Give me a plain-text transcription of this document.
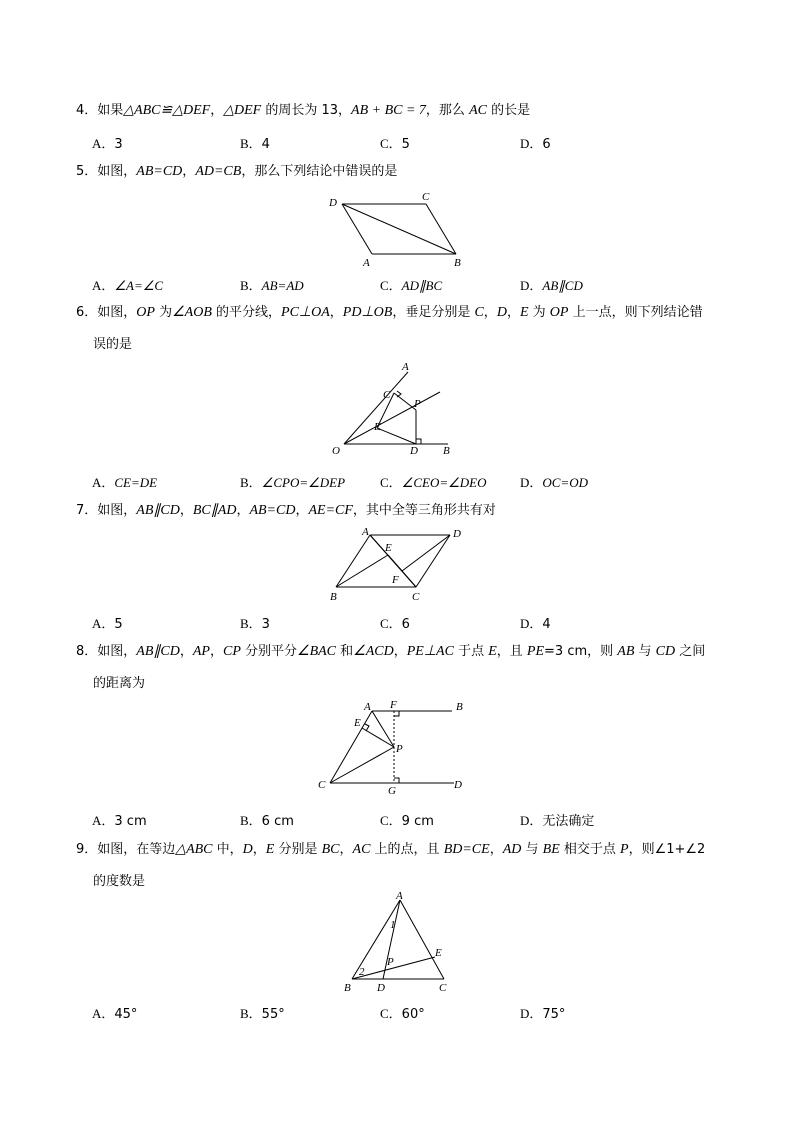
4．如果△ABC≌△DEF，△DEF 的周长为 13，AB + BC = 7，那么 AC 的长是
A．3	B．4	C．5	D．6
5．如图，AB=CD，AD=CB，那么下列结论中错误的是
D	C
A	B
A．∠A=∠C	B．AB=AD	C．AD∥BC	D．AB∥CD
6．如图，OP 为∠AOB 的平分线，PC⊥OA，PD⊥OB，垂足分别是 C，D，E 为 OP 上一点，则下列结论错
误的是
A
C
P
E
O	D B
A．CE=DE	B．∠CPO=∠DEP	C．∠CEO=∠DEO	D．OC=OD
7．如图，AB∥CD，BC∥AD，AB=CD，AE=CF，其中全等三角形共有对
A	D
E
F
B	C
A．5	B．3	C．6	D．4
8．如图，AB∥CD，AP，CP 分别平分∠BAC 和∠ACD，PE⊥AC 于点 E，且 PE=3 cm，则 AB 与 CD 之间
的距离为
A F	B
E
P
C	G	D
A．3 cm	B．6 cm	C．9 cm	D．无法确定
9．如图，在等边△ABC 中，D，E 分别是 BC，AC 上的点，且 BD=CE，AD 与 BE 相交于点 P，则∠1+∠2
的度数是
A
1
E
P
2
B D	C
A．45°	B．55°	C．60°	D．75°
